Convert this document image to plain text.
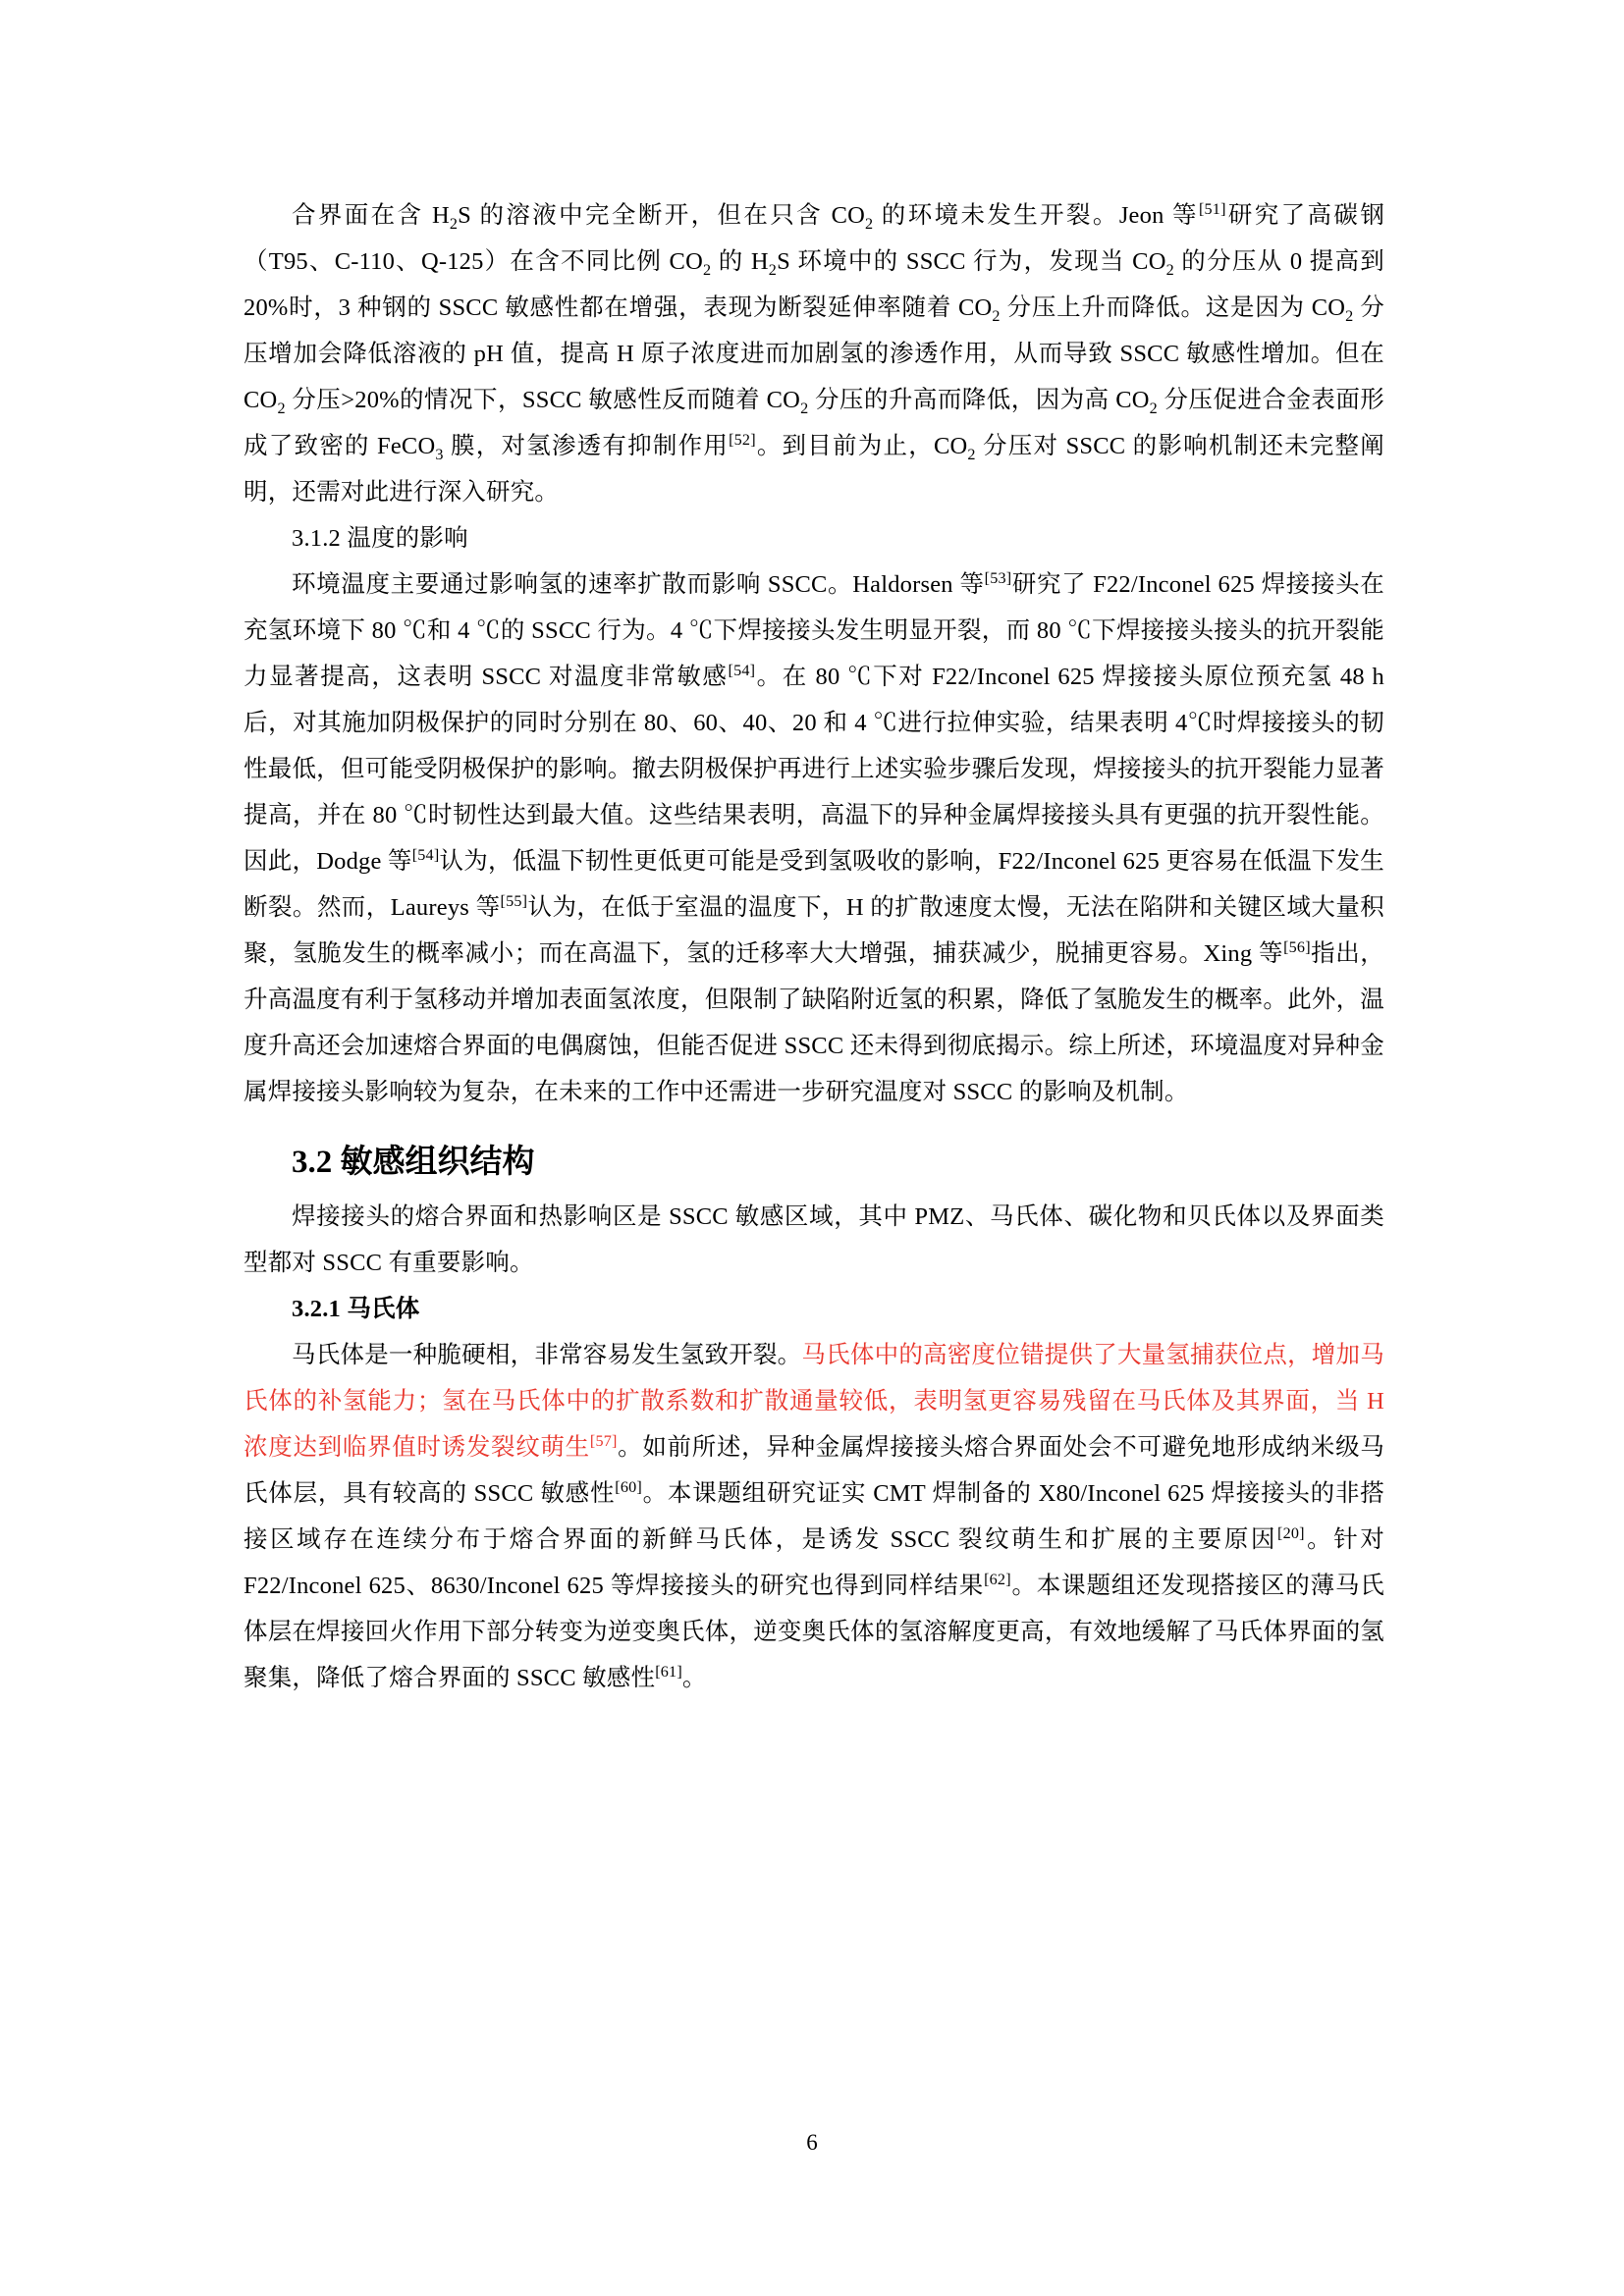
合界面在含 $H_2S$ 的溶液中完全断开，但在只含 $CO_2$ 的环境未发生开裂。Jeon 等[51]研究了高碳钢（T95、C-110、Q-125）在含不同比例 $CO_2$ 的 $H_2S$ 环境中的 SSCC 行为，发现当 $CO_2$ 的分压从 0 提高到 20%时，3 种钢的 SSCC 敏感性都在增强，表现为断裂延伸率随着 $CO_2$ 分压上升而降低。这是因为 $CO_2$ 分压增加会降低溶液的 pH 值，提高 H 原子浓度进而加剧氢的渗透作用，从而导致 SSCC 敏感性增加。但在 $CO_2$ 分压>20%的情况下，SSCC 敏感性反而随着 $CO_2$ 分压的升高而降低，因为高 $CO_2$ 分压促进合金表面形成了致密的 FeCO$_3$ 膜，对氢渗透有抑制作用[52]。到目前为止，$CO_2$ 分压对 SSCC 的影响机制还未完整阐明，还需对此进行深入研究。

3.1.2 温度的影响

环境温度主要通过影响氢的速率扩散而影响 SSCC。Haldorsen 等[53]研究了 F22/Inconel 625 焊接接头在充氢环境下 80 ℃和 4 ℃的 SSCC 行为。4 ℃下焊接接头发生明显开裂，而 80 ℃下焊接接头接头的抗开裂能力显著提高，这表明 SSCC 对温度非常敏感[54]。在 80 ℃下对 F22/Inconel 625 焊接接头原位预充氢 48 h 后，对其施加阴极保护的同时分别在 80、60、40、20 和 4 ℃进行拉伸实验，结果表明 4℃时焊接接头的韧性最低，但可能受阴极保护的影响。撤去阴极保护再进行上述实验步骤后发现，焊接接头的抗开裂能力显著提高，并在 80 ℃时韧性达到最大值。这些结果表明，高温下的异种金属焊接接头具有更强的抗开裂性能。因此，Dodge 等[54]认为，低温下韧性更低更可能是受到氢吸收的影响，F22/Inconel 625 更容易在低温下发生断裂。然而，Laureys 等[55]认为，在低于室温的温度下，H 的扩散速度太慢，无法在陷阱和关键区域大量积聚，氢脆发生的概率减小；而在高温下，氢的迁移率大大增强，捕获减少，脱捕更容易。Xing 等[56]指出，升高温度有利于氢移动并增加表面氢浓度，但限制了缺陷附近氢的积累，降低了氢脆发生的概率。此外，温度升高还会加速熔合界面的电偶腐蚀，但能否促进 SSCC 还未得到彻底揭示。综上所述，环境温度对异种金属焊接接头影响较为复杂，在未来的工作中还需进一步研究温度对 SSCC 的影响及机制。

3.2 敏感组织结构

焊接接头的熔合界面和热影响区是 SSCC 敏感区域，其中 PMZ、马氏体、碳化物和贝氏体以及界面类型都对 SSCC 有重要影响。

3.2.1 马氏体

马氏体是一种脆硬相，非常容易发生氢致开裂。马氏体中的高密度位错提供了大量氢捕获位点，增加马氏体的补氢能力；氢在马氏体中的扩散系数和扩散通量较低，表明氢更容易残留在马氏体及其界面，当 H 浓度达到临界值时诱发裂纹萌生[57]。如前所述，异种金属焊接接头熔合界面处会不可避免地形成纳米级马氏体层，具有较高的 SSCC 敏感性[60]。本课题组研究证实 CMT 焊制备的 X80/Inconel 625 焊接接头的非搭接区域存在连续分布于熔合界面的新鲜马氏体，是诱发 SSCC 裂纹萌生和扩展的主要原因[20]。针对 F22/Inconel 625、8630/Inconel 625 等焊接接头的研究也得到同样结果[62]。本课题组还发现搭接区的薄马氏体层在焊接回火作用下部分转变为逆变奥氏体，逆变奥氏体的氢溶解度更高，有效地缓解了马氏体界面的氢聚集，降低了熔合界面的 SSCC 敏感性[61]。

6
